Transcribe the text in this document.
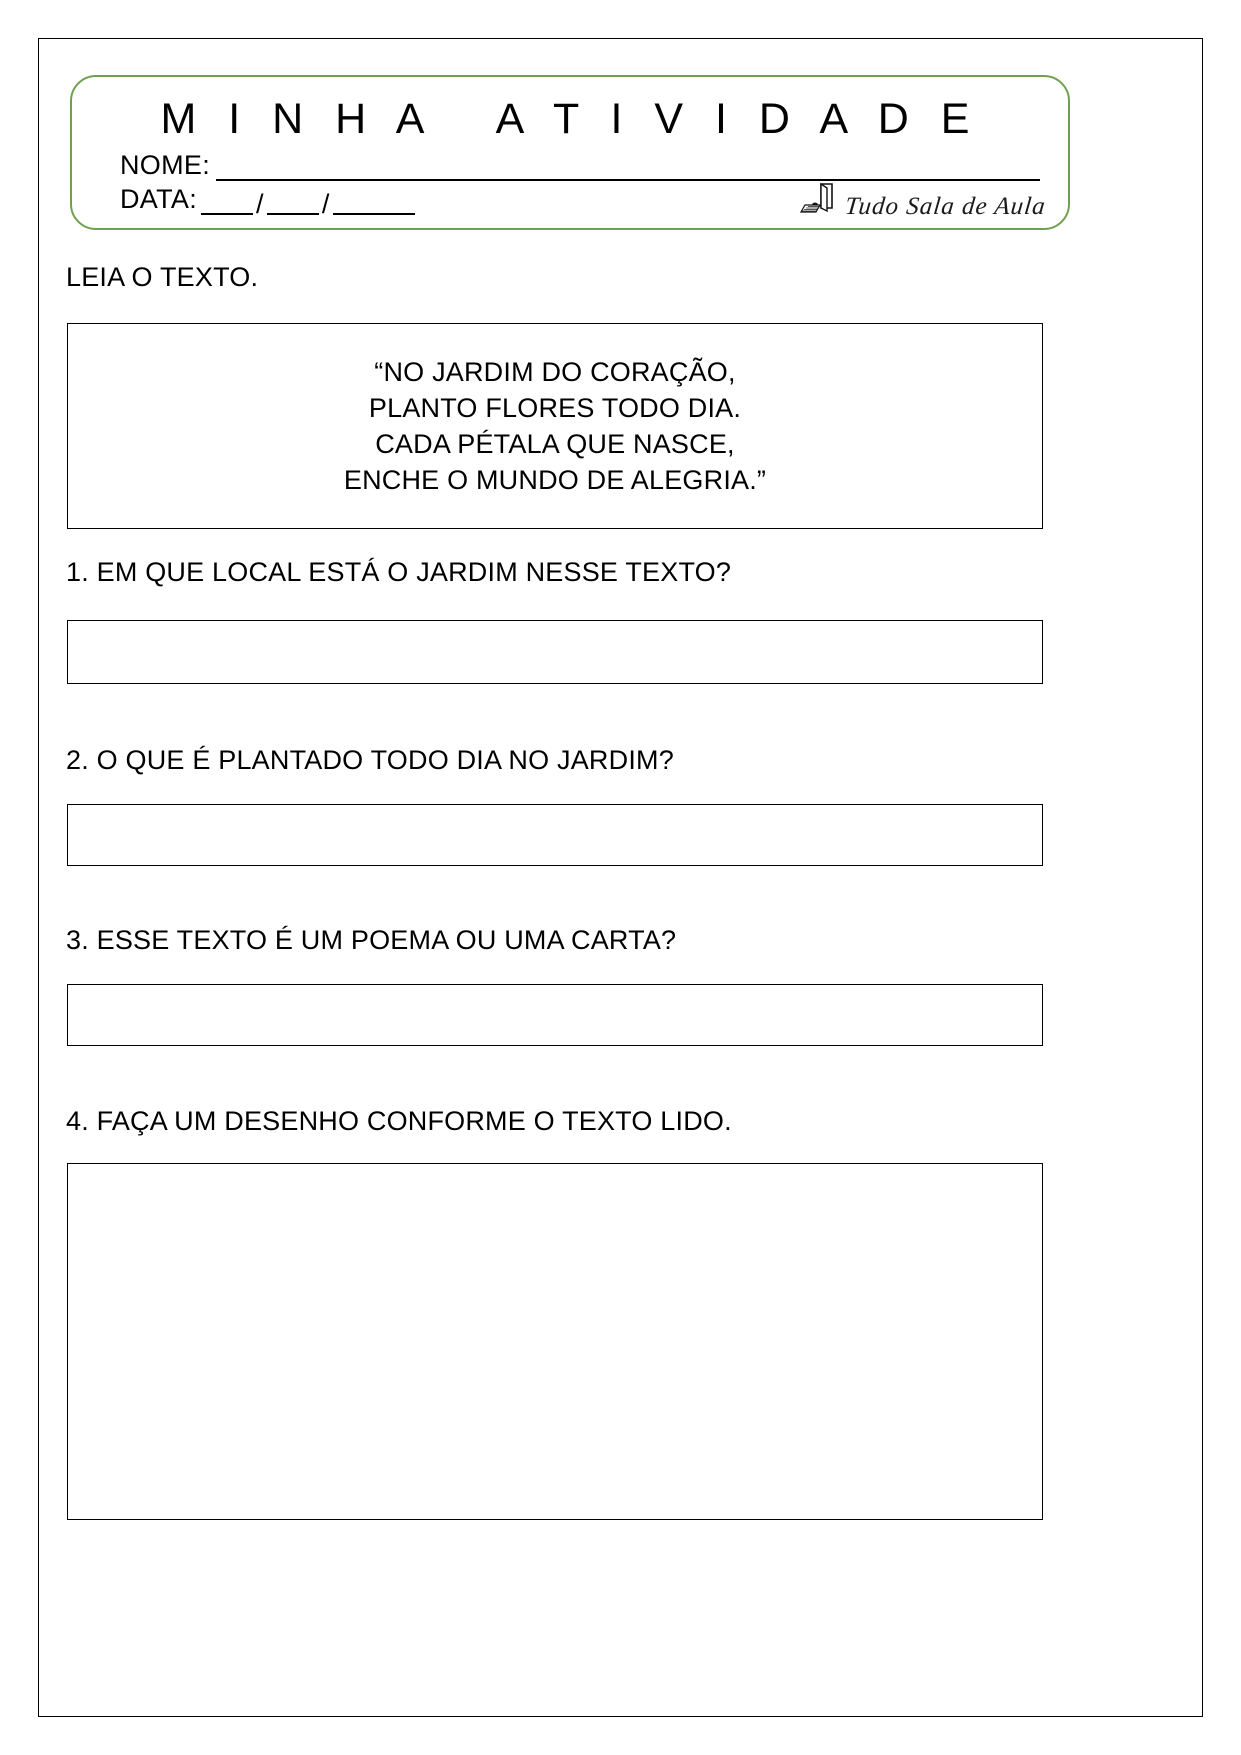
M I N H A   A T I V I D A D E
NOME:
DATA: / /	Tudo Sala de Aula
LEIA O TEXTO.
“NO JARDIM DO CORAÇÃO,
PLANTO FLORES TODO DIA.
CADA PÉTALA QUE NASCE,
ENCHE O MUNDO DE ALEGRIA.”
1. EM QUE LOCAL ESTÁ O JARDIM NESSE TEXTO?
2. O QUE É PLANTADO TODO DIA NO JARDIM?
3. ESSE TEXTO É UM POEMA OU UMA CARTA?
4. FAÇA UM DESENHO CONFORME O TEXTO LIDO.
